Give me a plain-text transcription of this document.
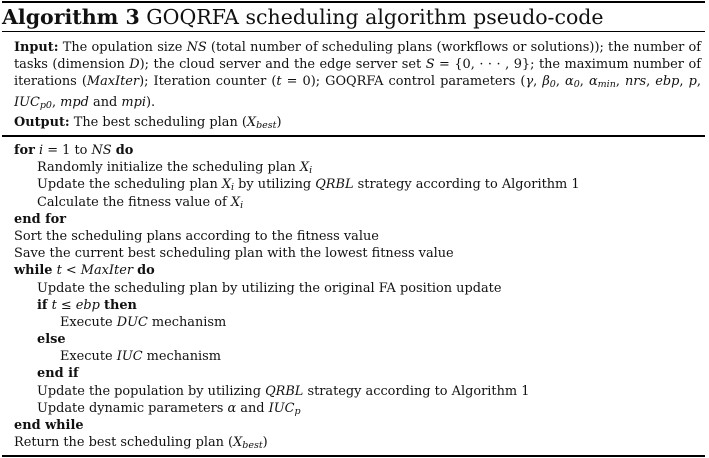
Algorithm 3 GOQRFA scheduling algorithm pseudo-code

Input: The opulation size NS (total number of scheduling plans (workflows or solutions)); the number of tasks (dimension D); the cloud server and the edge server set S = {0, · · · , 9}; the maximum number of iterations (MaxIter); Iteration counter (t = 0); GOQRFA control parameters (γ, $\beta_0$, $\alpha_0$, $\alpha_{min}$, nrs, ebp, p, $IUC_{p0}$, mpd and mpi).

Output: The best scheduling plan $(X_{best})$

for i = 1 to NS do
Randomly initialize the scheduling plan $X_i$
Update the scheduling plan $X_i$ by utilizing QRBL strategy according to Algorithm 1
Calculate the fitness value of $X_i$
end for
Sort the scheduling plans according to the fitness value
Save the current best scheduling plan with the lowest fitness value
while t < MaxIter do
Update the scheduling plan by utilizing the original FA position update
if t ≤ ebp then
Execute DUC mechanism
else
Execute IUC mechanism
end if
Update the population by utilizing QRBL strategy according to Algorithm 1
Update dynamic parameters α and $IUC_p$
end while
Return the best scheduling plan $(X_{best})$
